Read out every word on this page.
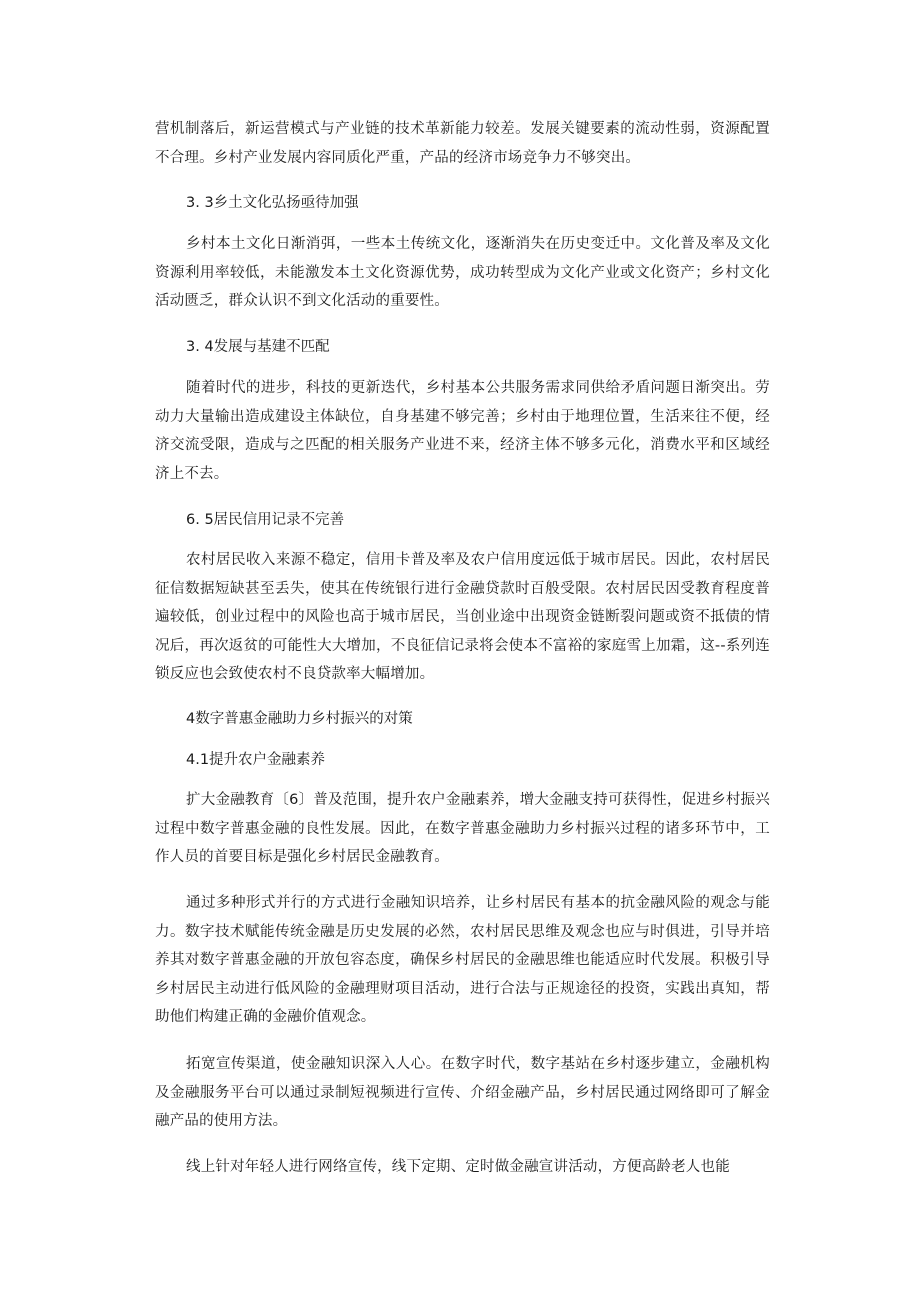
营机制落后，新运营模式与产业链的技术革新能力较差。发展关键要素的流动性弱，资源配置不合理。乡村产业发展内容同质化严重，产品的经济市场竞争力不够突出。

3. 3乡土文化弘扬亟待加强

乡村本土文化日渐消弭，一些本土传统文化，逐渐消失在历史变迁中。文化普及率及文化资源利用率较低，未能激发本土文化资源优势，成功转型成为文化产业或文化资产；乡村文化活动匮乏，群众认识不到文化活动的重要性。

3. 4发展与基建不匹配

随着时代的进步，科技的更新迭代，乡村基本公共服务需求同供给矛盾问题日渐突出。劳动力大量输出造成建设主体缺位，自身基建不够完善；乡村由于地理位置，生活来往不便，经济交流受限，造成与之匹配的相关服务产业进不来，经济主体不够多元化，消费水平和区域经济上不去。

6. 5居民信用记录不完善

农村居民收入来源不稳定，信用卡普及率及农户信用度远低于城市居民。因此，农村居民征信数据短缺甚至丢失，使其在传统银行进行金融贷款时百般受限。农村居民因受教育程度普遍较低，创业过程中的风险也高于城市居民，当创业途中出现资金链断裂问题或资不抵债的情况后，再次返贫的可能性大大增加，不良征信记录将会使本不富裕的家庭雪上加霜，这--系列连锁反应也会致使农村不良贷款率大幅增加。

4数字普惠金融助力乡村振兴的对策

4.1提升农户金融素养

扩大金融教育〔6〕普及范围，提升农户金融素养，增大金融支持可获得性，促进乡村振兴过程中数字普惠金融的良性发展。因此，在数字普惠金融助力乡村振兴过程的诸多环节中，工作人员的首要目标是强化乡村居民金融教育。

通过多种形式并行的方式进行金融知识培养，让乡村居民有基本的抗金融风险的观念与能力。数字技术赋能传统金融是历史发展的必然，农村居民思维及观念也应与时俱进，引导并培养其对数字普惠金融的开放包容态度，确保乡村居民的金融思维也能适应时代发展。积极引导乡村居民主动进行低风险的金融理财项目活动，进行合法与正规途径的投资，实践出真知，帮助他们构建正确的金融价值观念。

拓宽宣传渠道，使金融知识深入人心。在数字时代，数字基站在乡村逐步建立，金融机构及金融服务平台可以通过录制短视频进行宣传、介绍金融产品，乡村居民通过网络即可了解金融产品的使用方法。

线上针对年轻人进行网络宣传，线下定期、定时做金融宣讲活动，方便高龄老人也能
